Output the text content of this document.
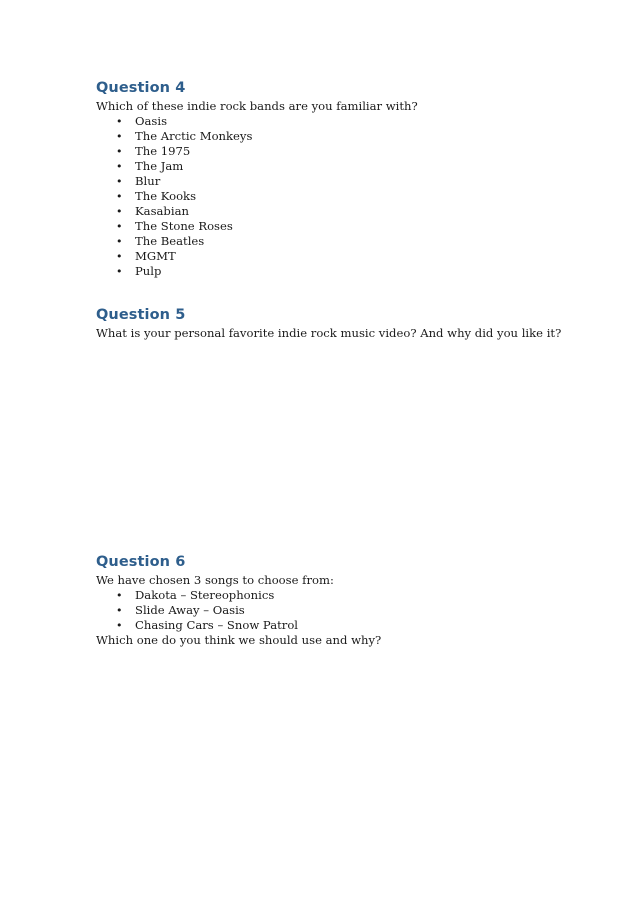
Question 4

Which of these indie rock bands are you familiar with?

• Oasis
• The Arctic Monkeys
• The 1975
• The Jam
• Blur
• The Kooks
• Kasabian
• The Stone Roses
• The Beatles
• MGMT
• Pulp
Question 5

What is your personal favorite indie rock music video? And why did you like it?

Question 6

We have chosen 3 songs to choose from:

• Dakota – Stereophonics
• Slide Away – Oasis
• Chasing Cars – Snow Patrol

Which one do you think we should use and why?
